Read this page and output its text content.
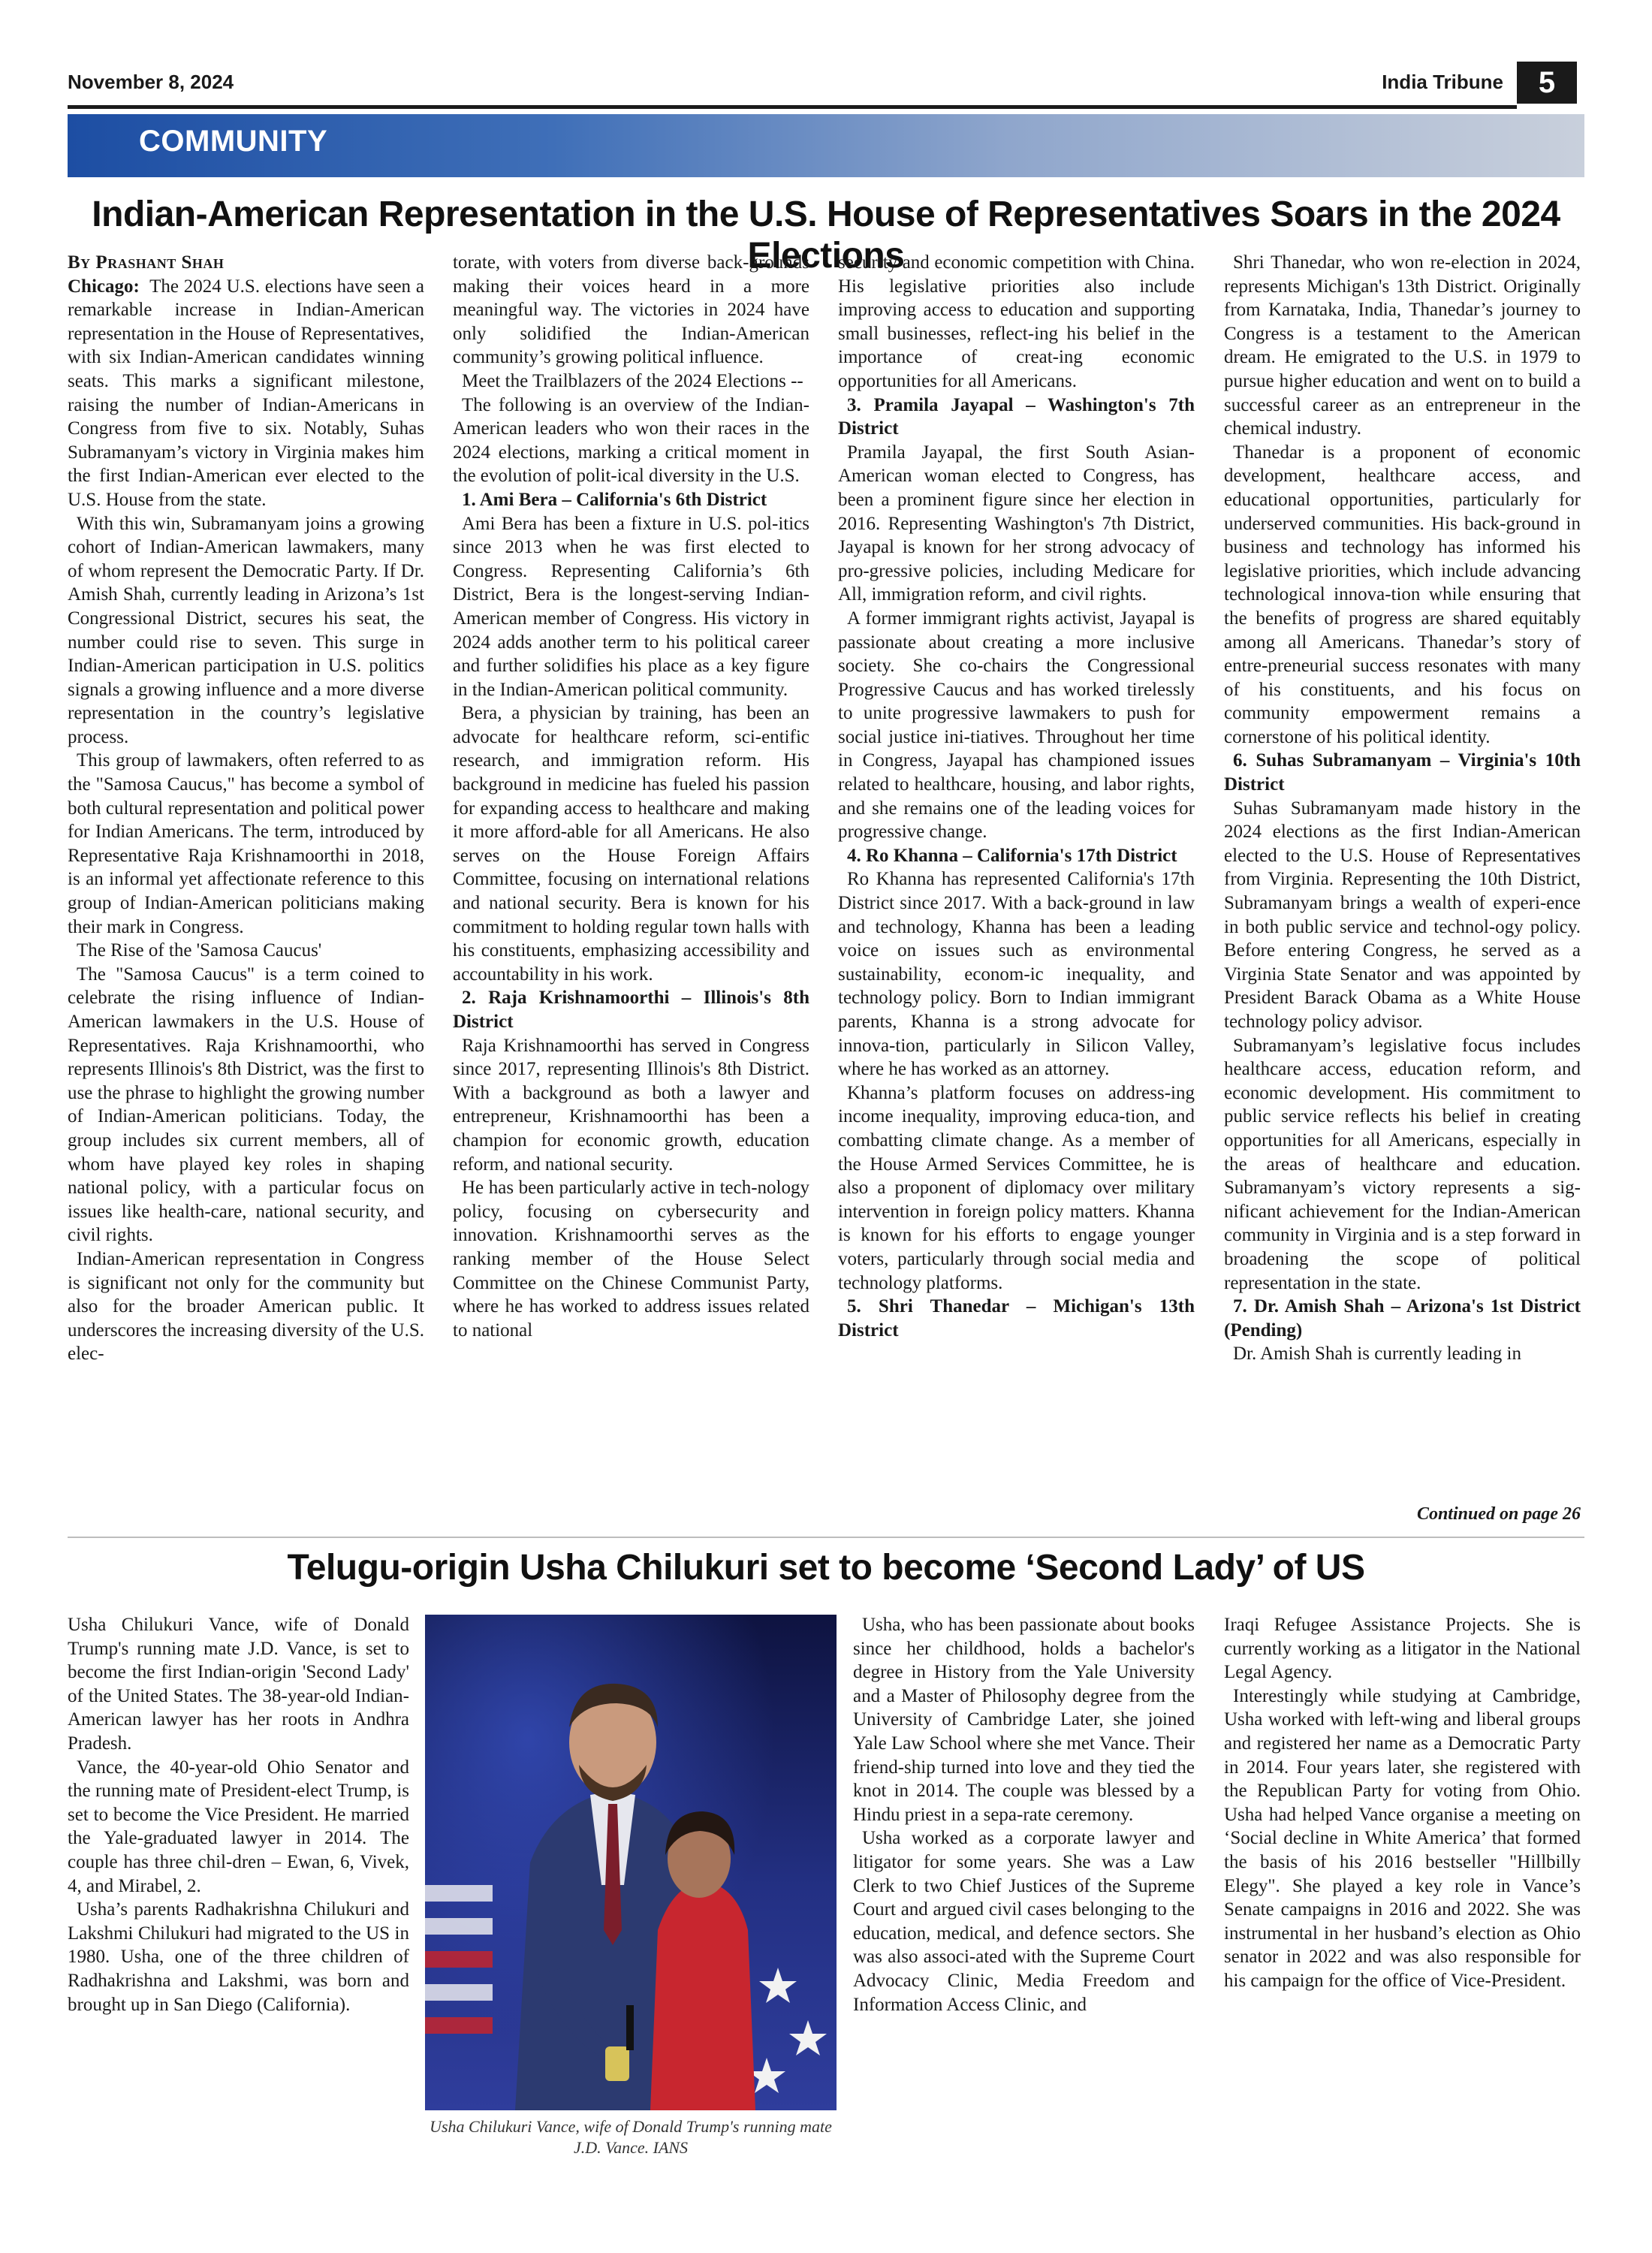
November 8, 2024	India Tribune	5
COMMUNITY
Indian-American Representation in the U.S. House of Representatives Soars in the 2024 Elections

By Prashant Shah

Chicago: The 2024 U.S. elections have seen a remarkable increase in Indian-American representation in the House of Representatives, with six Indian-American candidates winning seats. This marks a significant milestone, raising the number of Indian-Americans in Congress from five to six. Notably, Suhas Subramanyam’s victory in Virginia makes him the first Indian-American ever elected to the U.S. House from the state.

With this win, Subramanyam joins a growing cohort of Indian-American lawmakers, many of whom represent the Democratic Party. If Dr. Amish Shah, currently leading in Arizona’s 1st Congressional District, secures his seat, the number could rise to seven. This surge in Indian-American participation in U.S. politics signals a growing influence and a more diverse representation in the country’s legislative process.

This group of lawmakers, often referred to as the "Samosa Caucus," has become a symbol of both cultural representation and political power for Indian Americans. The term, introduced by Representative Raja Krishnamoorthi in 2018, is an informal yet affectionate reference to this group of Indian-American politicians making their mark in Congress.

The Rise of the 'Samosa Caucus'

The "Samosa Caucus" is a term coined to celebrate the rising influence of Indian-American lawmakers in the U.S. House of Representatives. Raja Krishnamoorthi, who represents Illinois's 8th District, was the first to use the phrase to highlight the growing number of Indian-American politicians. Today, the group includes six current members, all of whom have played key roles in shaping national policy, with a particular focus on issues like health-care, national security, and civil rights.

Indian-American representation in Congress is significant not only for the community but also for the broader American public. It underscores the increasing diversity of the U.S. elec-

torate, with voters from diverse back-grounds making their voices heard in a more meaningful way. The victories in 2024 have only solidified the Indian-American community’s growing political influence.

Meet the Trailblazers of the 2024 Elections --

The following is an overview of the Indian-American leaders who won their races in the 2024 elections, marking a critical moment in the evolution of polit-ical diversity in the U.S.

1. Ami Bera – California's 6th District

Ami Bera has been a fixture in U.S. pol-itics since 2013 when he was first elected to Congress. Representing California’s 6th District, Bera is the longest-serving Indian-American member of Congress. His victory in 2024 adds another term to his political career and further solidifies his place as a key figure in the Indian-American political community.

Bera, a physician by training, has been an advocate for healthcare reform, sci-entific research, and immigration reform. His background in medicine has fueled his passion for expanding access to healthcare and making it more afford-able for all Americans. He also serves on the House Foreign Affairs Committee, focusing on international relations and national security. Bera is known for his commitment to holding regular town halls with his constituents, emphasizing accessibility and accountability in his work.

2. Raja Krishnamoorthi – Illinois's 8th District

Raja Krishnamoorthi has served in Congress since 2017, representing Illinois's 8th District. With a background as both a lawyer and entrepreneur, Krishnamoorthi has been a champion for economic growth, education reform, and national security.

He has been particularly active in tech-nology policy, focusing on cybersecurity and innovation. Krishnamoorthi serves as the ranking member of the House Select Committee on the Chinese Communist Party, where he has worked to address issues related to national

security and economic competition with China. His legislative priorities also include improving access to education and supporting small businesses, reflect-ing his belief in the importance of creat-ing economic opportunities for all Americans.

3. Pramila Jayapal – Washington's 7th District

Pramila Jayapal, the first South Asian-American woman elected to Congress, has been a prominent figure since her election in 2016. Representing Washington's 7th District, Jayapal is known for her strong advocacy of pro-gressive policies, including Medicare for All, immigration reform, and civil rights.

A former immigrant rights activist, Jayapal is passionate about creating a more inclusive society. She co-chairs the Congressional Progressive Caucus and has worked tirelessly to unite progressive lawmakers to push for social justice ini-tiatives. Throughout her time in Congress, Jayapal has championed issues related to healthcare, housing, and labor rights, and she remains one of the leading voices for progressive change.

4. Ro Khanna – California's 17th District

Ro Khanna has represented California's 17th District since 2017. With a back-ground in law and technology, Khanna has been a leading voice on issues such as environmental sustainability, econom-ic inequality, and technology policy. Born to Indian immigrant parents, Khanna is a strong advocate for innova-tion, particularly in Silicon Valley, where he has worked as an attorney.

Khanna’s platform focuses on address-ing income inequality, improving educa-tion, and combatting climate change. As a member of the House Armed Services Committee, he is also a proponent of diplomacy over military intervention in foreign policy matters. Khanna is known for his efforts to engage younger voters, particularly through social media and technology platforms.

5. Shri Thanedar – Michigan's 13th District

Shri Thanedar, who won re-election in 2024, represents Michigan's 13th District. Originally from Karnataka, India, Thanedar’s journey to Congress is a testament to the American dream. He emigrated to the U.S. in 1979 to pursue higher education and went on to build a successful career as an entrepreneur in the chemical industry.

Thanedar is a proponent of economic development, healthcare access, and educational opportunities, particularly for underserved communities. His back-ground in business and technology has informed his legislative priorities, which include advancing technological innova-tion while ensuring that the benefits of progress are shared equitably among all Americans. Thanedar’s story of entre-preneurial success resonates with many of his constituents, and his focus on community empowerment remains a cornerstone of his political identity.

6. Suhas Subramanyam – Virginia's 10th District

Suhas Subramanyam made history in the 2024 elections as the first Indian-American elected to the U.S. House of Representatives from Virginia. Representing the 10th District, Subramanyam brings a wealth of experi-ence in both public service and technol-ogy policy. Before entering Congress, he served as a Virginia State Senator and was appointed by President Barack Obama as a White House technology policy advisor.

Subramanyam’s legislative focus includes healthcare access, education reform, and economic development. His commitment to public service reflects his belief in creating opportunities for all Americans, especially in the areas of healthcare and education. Subramanyam’s victory represents a sig-nificant achievement for the Indian-American community in Virginia and is a step forward in broadening the scope of political representation in the state.

7. Dr. Amish Shah – Arizona's 1st District (Pending)

Dr. Amish Shah is currently leading in

Continued on page 26
Telugu-origin Usha Chilukuri set to become ‘Second Lady’ of US

Usha Chilukuri Vance, wife of Donald Trump's running mate J.D. Vance, is set to become the first Indian-origin 'Second Lady' of the United States. The 38-year-old Indian-American lawyer has her roots in Andhra Pradesh.

Vance, the 40-year-old Ohio Senator and the running mate of President-elect Trump, is set to become the Vice President. He married the Yale-graduated lawyer in 2014. The couple has three chil-dren – Ewan, 6, Vivek, 4, and Mirabel, 2.

Usha’s parents Radhakrishna Chilukuri and Lakshmi Chilukuri had migrated to the US in 1980. Usha, one of the three children of Radhakrishna and Lakshmi, was born and brought up in San Diego (California).

Usha Chilukuri Vance, wife of Donald Trump's running mate J.D. Vance. IANS

Usha, who has been passionate about books since her childhood, holds a bachelor's degree in History from the Yale University and a Master of Philosophy degree from the University of Cambridge Later, she joined Yale Law School where she met Vance. Their friend-ship turned into love and they tied the knot in 2014. The couple was blessed by a Hindu priest in a sepa-rate ceremony.

Usha worked as a corporate lawyer and litigator for some years. She was a Law Clerk to two Chief Justices of the Supreme Court and argued civil cases belonging to the education, medical, and defence sectors. She was also associ-ated with the Supreme Court Advocacy Clinic, Media Freedom and Information Access Clinic, and

Iraqi Refugee Assistance Projects. She is currently working as a litigator in the National Legal Agency.

Interestingly while studying at Cambridge, Usha worked with left-wing and liberal groups and registered her name as a Democratic Party in 2014. Four years later, she registered with the Republican Party for voting from Ohio. Usha had helped Vance organise a meeting on ‘Social decline in White America’ that formed the basis of his 2016 bestseller "Hillbilly Elegy". She played a key role in Vance’s Senate campaigns in 2016 and 2022. She was instrumental in her husband’s election as Ohio senator in 2022 and was also responsible for his campaign for the office of Vice-President.
